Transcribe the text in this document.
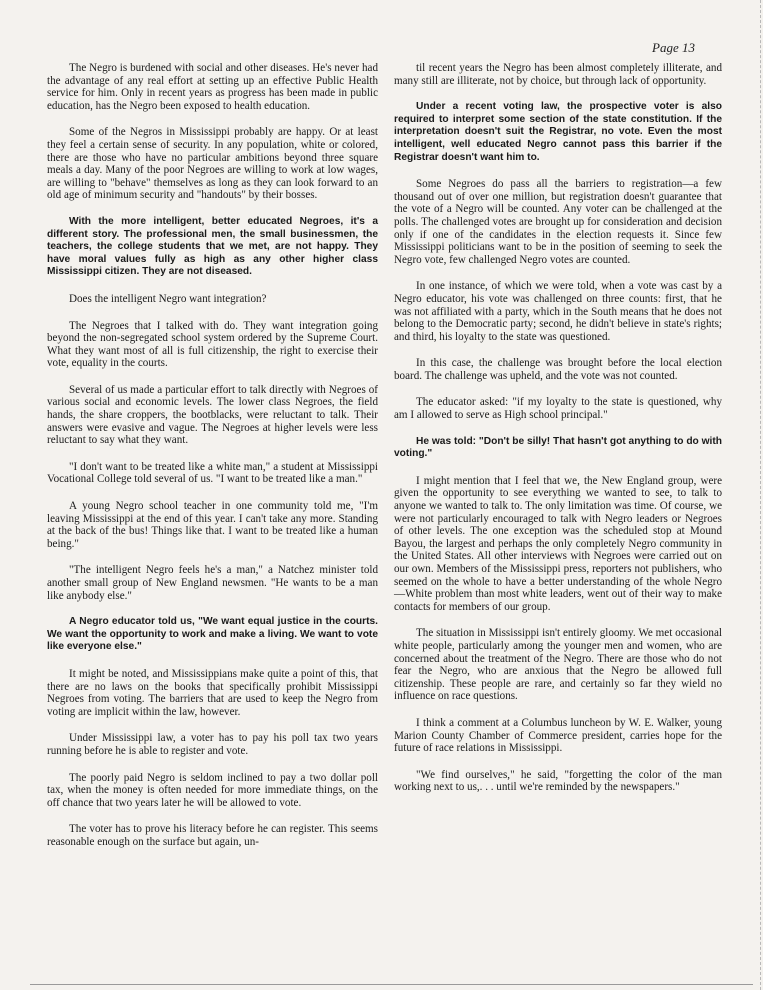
Page 13

The Negro is burdened with social and other diseases. He's never had the advantage of any real effort at setting up an effective Public Health service for him. Only in recent years as progress has been made in public education, has the Negro been exposed to health education.

Some of the Negros in Mississippi probably are happy. Or at least they feel a certain sense of security. In any population, white or colored, there are those who have no particular ambitions beyond three square meals a day. Many of the poor Negroes are willing to work at low wages, are willing to "behave" themselves as long as they can look forward to an old age of minimum security and "handouts" by their bosses.

With the more intelligent, better educated Negroes, it's a different story. The professional men, the small businessmen, the teachers, the college students that we met, are not happy. They have moral values fully as high as any other higher class Mississippi citizen. They are not diseased.

Does the intelligent Negro want integration?

The Negroes that I talked with do. They want integration going beyond the non-segregated school system ordered by the Supreme Court. What they want most of all is full citizenship, the right to exercise their vote, equality in the courts.

Several of us made a particular effort to talk directly with Negroes of various social and economic levels. The lower class Negroes, the field hands, the share croppers, the bootblacks, were reluctant to talk. Their answers were evasive and vague. The Negroes at higher levels were less reluctant to say what they want.

"I don't want to be treated like a white man," a student at Mississippi Vocational College told several of us. "I want to be treated like a man."

A young Negro school teacher in one community told me, "I'm leaving Mississippi at the end of this year. I can't take any more. Standing at the back of the bus! Things like that. I want to be treated like a human being."

"The intelligent Negro feels he's a man," a Natchez minister told another small group of New England newsmen. "He wants to be a man like anybody else."

A Negro educator told us, "We want equal justice in the courts. We want the opportunity to work and make a living. We want to vote like everyone else."

It might be noted, and Mississippians make quite a point of this, that there are no laws on the books that specifically prohibit Mississippi Negroes from voting. The barriers that are used to keep the Negro from voting are implicit within the law, however.

Under Mississippi law, a voter has to pay his poll tax two years running before he is able to register and vote.

The poorly paid Negro is seldom inclined to pay a two dollar poll tax, when the money is often needed for more immediate things, on the off chance that two years later he will be allowed to vote.

The voter has to prove his literacy before he can register. This seems reasonable enough on the surface but again, un-

til recent years the Negro has been almost completely illiterate, and many still are illiterate, not by choice, but through lack of opportunity.

Under a recent voting law, the prospective voter is also required to interpret some section of the state constitution. If the interpretation doesn't suit the Registrar, no vote. Even the most intelligent, well educated Negro cannot pass this barrier if the Registrar doesn't want him to.

Some Negroes do pass all the barriers to registration—a few thousand out of over one million, but registration doesn't guarantee that the vote of a Negro will be counted. Any voter can be challenged at the polls. The challenged votes are brought up for consideration and decision only if one of the candidates in the election requests it. Since few Mississippi politicians want to be in the position of seeming to seek the Negro vote, few challenged Negro votes are counted.

In one instance, of which we were told, when a vote was cast by a Negro educator, his vote was challenged on three counts: first, that he was not affiliated with a party, which in the South means that he does not belong to the Democratic party; second, he didn't believe in state's rights; and third, his loyalty to the state was questioned.

In this case, the challenge was brought before the local election board. The challenge was upheld, and the vote was not counted.

The educator asked: "if my loyalty to the state is questioned, why am I allowed to serve as High school principal."

He was told: "Don't be silly! That hasn't got anything to do with voting."

I might mention that I feel that we, the New England group, were given the opportunity to see everything we wanted to see, to talk to anyone we wanted to talk to. The only limitation was time. Of course, we were not particularly encouraged to talk with Negro leaders or Negroes of other levels. The one exception was the scheduled stop at Mound Bayou, the largest and perhaps the only completely Negro community in the United States. All other interviews with Negroes were carried out on our own. Members of the Mississippi press, reporters not publishers, who seemed on the whole to have a better understanding of the whole Negro—White problem than most white leaders, went out of their way to make contacts for members of our group.

The situation in Mississippi isn't entirely gloomy. We met occasional white people, particularly among the younger men and women, who are concerned about the treatment of the Negro. There are those who do not fear the Negro, who are anxious that the Negro be allowed full citizenship. These people are rare, and certainly so far they wield no influence on race questions.

I think a comment at a Columbus luncheon by W. E. Walker, young Marion County Chamber of Commerce president, carries hope for the future of race relations in Mississippi.

"We find ourselves," he said, "forgetting the color of the man working next to us,. . . until we're reminded by the newspapers."
